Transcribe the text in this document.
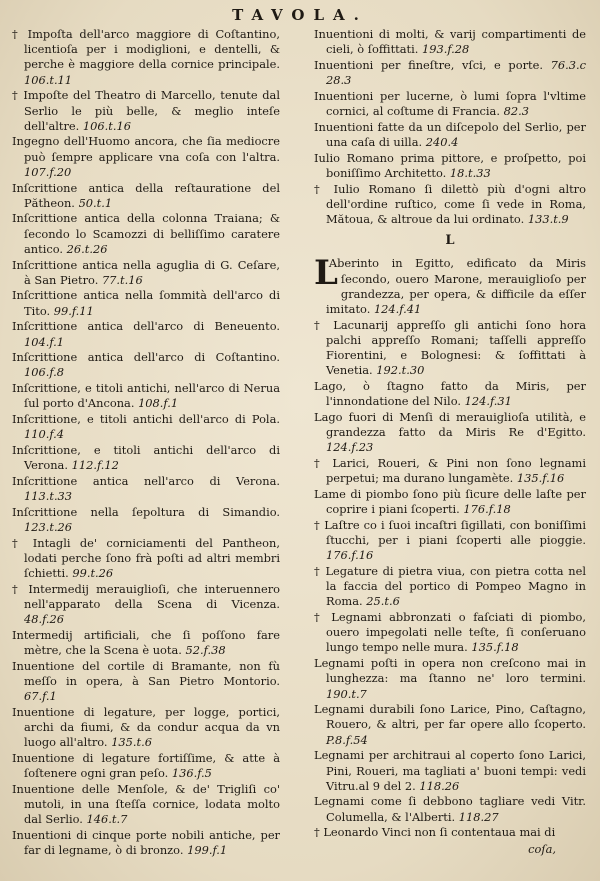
TAVOLA.
† Impoſta dell'arco maggiore di Coſtantino, licentioſa per i modiglioni, e dentelli, & perche è maggiore della cornice principale. 106.t.11
† Impoſte del Theatro di Marcello, tenute dal Serlio le più belle, & meglio inteſe dell'altre. 106.t.16
Ingegno dell'Huomo ancora, che ſia mediocre può ſempre applicare vna coſa con l'altra. 107.f.20
Inſcrittione antica della reſtauratione del Pătheon. 50.t.1
Inſcrittione antica della colonna Traiana; & ſecondo lo Scamozzi di belliſſimo caratere antico. 26.t.26
Inſcrittione antica nella aguglia di G. Ceſare, à San Pietro. 77.t.16
Inſcrittione antica nella ſommità dell'arco di Tito. 99.f.11
Inſcrittione antica dell'arco di Beneuento. 104.f.1
Inſcrittione antica dell'arco di Coſtantino. 106.f.8
Inſcrittione, e titoli antichi, nell'arco di Nerua ſul porto d'Ancona. 108.f.1
Inſcrittione, e titoli antichi dell'arco di Pola. 110.f.4
Inſcrittione, e titoli antichi dell'arco di Verona. 112.f.12
Inſcrittione antica nell'arco di Verona. 113.t.33
Inſcrittione nella ſepoltura di Simandio. 123.t.26
† Intagli de' corniciamenti del Pantheon, lodati perche ſono frà poſti ad altri membri ſchietti. 99.t.26
† Intermedij merauiglioſi, che interuennero nell'apparato della Scena di Vicenza. 48.f.26
Intermedij artificiali, che ſi poſſono fare mètre, che la Scena è uota. 52.f.38
Inuentione del cortile di Bramante, non fù meſſo in opera, à San Pietro Montorio. 67.f.1
Inuentione di legature, per logge, portici, archi da fiumi, & da condur acqua da vn luogo all'altro. 135.t.6
Inuentione di legature fortiſſime, & atte à ſoſtenere ogni gran peſo. 136.f.5
Inuentione delle Menſole, & de' Trigliſi co' mutoli, in una ſteſſa cornice, lodata molto dal Serlio. 146.t.7
Inuentioni di cinque porte nobili antiche, per far di legname, ò di bronzo. 199.f.1
Inuentioni di molti, & varij compartimenti de cieli, ò ſoffittati. 193.f.28
Inuentioni per fineſtre, vſci, e porte. 76.3.c 28.3
Inuentioni per lucerne, ò lumi ſopra l'vltime cornici, al coſtume di Francia. 82.3
Inuentioni fatte da un diſcepolo del Serlio, per una caſa di uilla. 240.4
Iulio Romano prima pittore, e proſpetto, poi boniſſimo Architetto. 18.t.33
† Iulio Romano ſi dilettò più d'ogni altro dell'ordine ruſtico, come ſi vede in Roma, Mătoua, & altroue da lui ordinato. 133.t.9
L
L
Aberinto in Egitto, edificato da Miris ſecondo, ouero Marone, merauiglioſo per grandezza, per opera, & difficile da eſſer imitato. 124.f.41
† Lacunarij appreſſo gli antichi ſono hora palchi appreſſo Romani; taſſelli appreſſo Fiorentini, e Bolognesi: & ſoffittati à Venetia. 192.t.30
Lago, ò ſtagno fatto da Miris, per l'innondatione del Nilo. 124.f.31
Lago fuori di Menſi di merauiglioſa utilità, e grandezza fatto da Miris Re d'Egitto. 124.f.23
† Larici, Roueri, & Pini non ſono legnami perpetui; ma durano lungamète. 135.f.16
Lame di piombo ſono più ſicure delle laſte per coprire i piani ſcoperti. 176.f.18
† Laſtre co i ſuoi incaſtri ſigillati, con boniſſimi ſtucchi, per i piani ſcoperti alle pioggie. 176.f.16
† Legature di pietra viua, con pietra cotta nel la faccia del portico di Pompeo Magno in Roma. 25.t.6
† Legnami abbronzati o faſciati di piombo, ouero impegolati nelle teſte, ſi conſeruano lungo tempo nelle mura. 135.f.18
Legnami poſti in opera non creſcono mai in lunghezza: ma ſtanno ne' loro termini. 190.t.7
Legnami durabili ſono Larice, Pino, Caſtagno, Rouero, & altri, per far opere allo ſcoperto. P.8.f.54
Legnami per architraui al coperto ſono Larici, Pini, Roueri, ma tagliati a' buoni tempi: vedi Vitru.al 9 del 2. 118.26
Legnami come ſi debbono tagliare vedi Vitr. Columella, & l'Alberti. 118.27
† Leonardo Vinci non ſi contentaua mai di
coſa,
